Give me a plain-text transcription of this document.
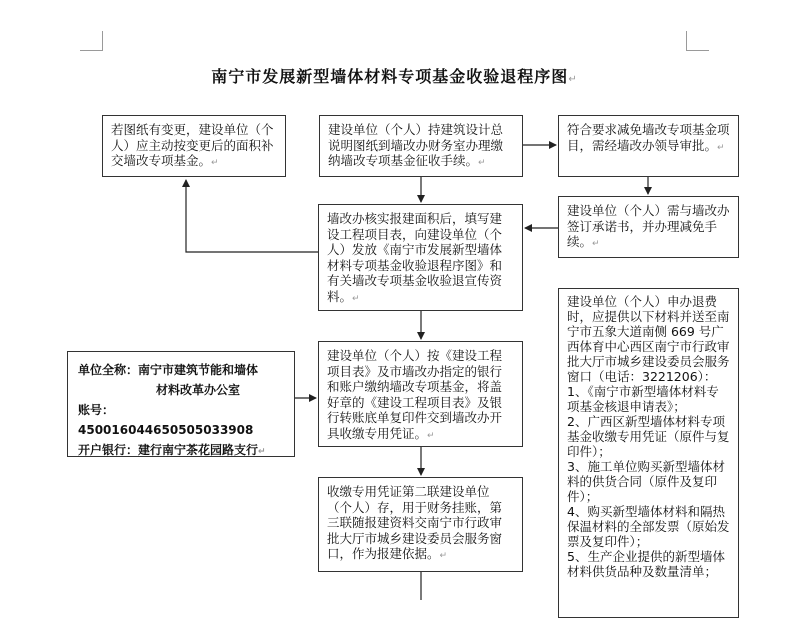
南宁市发展新型墙体材料专项基金收验退程序图↵
若图纸有变更，建设单位（个人）应主动按变更后的面积补交墙改专项基金。↵
建设单位（个人）持建筑设计总说明图纸到墙改办财务室办理缴纳墙改专项基金征收手续。↵
符合要求减免墙改专项基金项目，需经墙改办领导审批。↵
墙改办核实报建面积后，填写建设工程项目表，向建设单位（个人）发放《南宁市发展新型墙体材料专项基金收验退程序图》和有关墙改专项基金收验退宣传资料。↵
建设单位（个人）需与墙改办签订承诺书，并办理减免手续。↵
单位全称：南宁市建筑节能和墙体
材料改革办公室
账号：450016044650505033908
开户银行：建行南宁茶花园路支行↵
建设单位（个人）按《建设工程项目表》及市墙改办指定的银行和账户缴纳墙改专项基金，将盖好章的《建设工程项目表》及银行转账底单复印件交到墙改办开具收缴专用凭证。↵
收缴专用凭证第二联建设单位（个人）存，用于财务挂账，第三联随报建资料交南宁市行政审批大厅市城乡建设委员会服务窗口，作为报建依据。↵
建设单位（个人）申办退费时，应提供以下材料并送至南宁市五象大道南侧 669 号广西体育中心西区南宁市行政审批大厅市城乡建设委员会服务窗口（电话：3221206）：
1、《南宁市新型墙体材料专项基金核退申请表》；
2、广西区新型墙体材料专项基金收缴专用凭证（原件与复印件）；
3、施工单位购买新型墙体材料的供货合同（原件及复印件）；
4、购买新型墙体材料和隔热保温材料的全部发票（原始发票及复印件）；
5、生产企业提供的新型墙体材料供货品种及数量清单；
